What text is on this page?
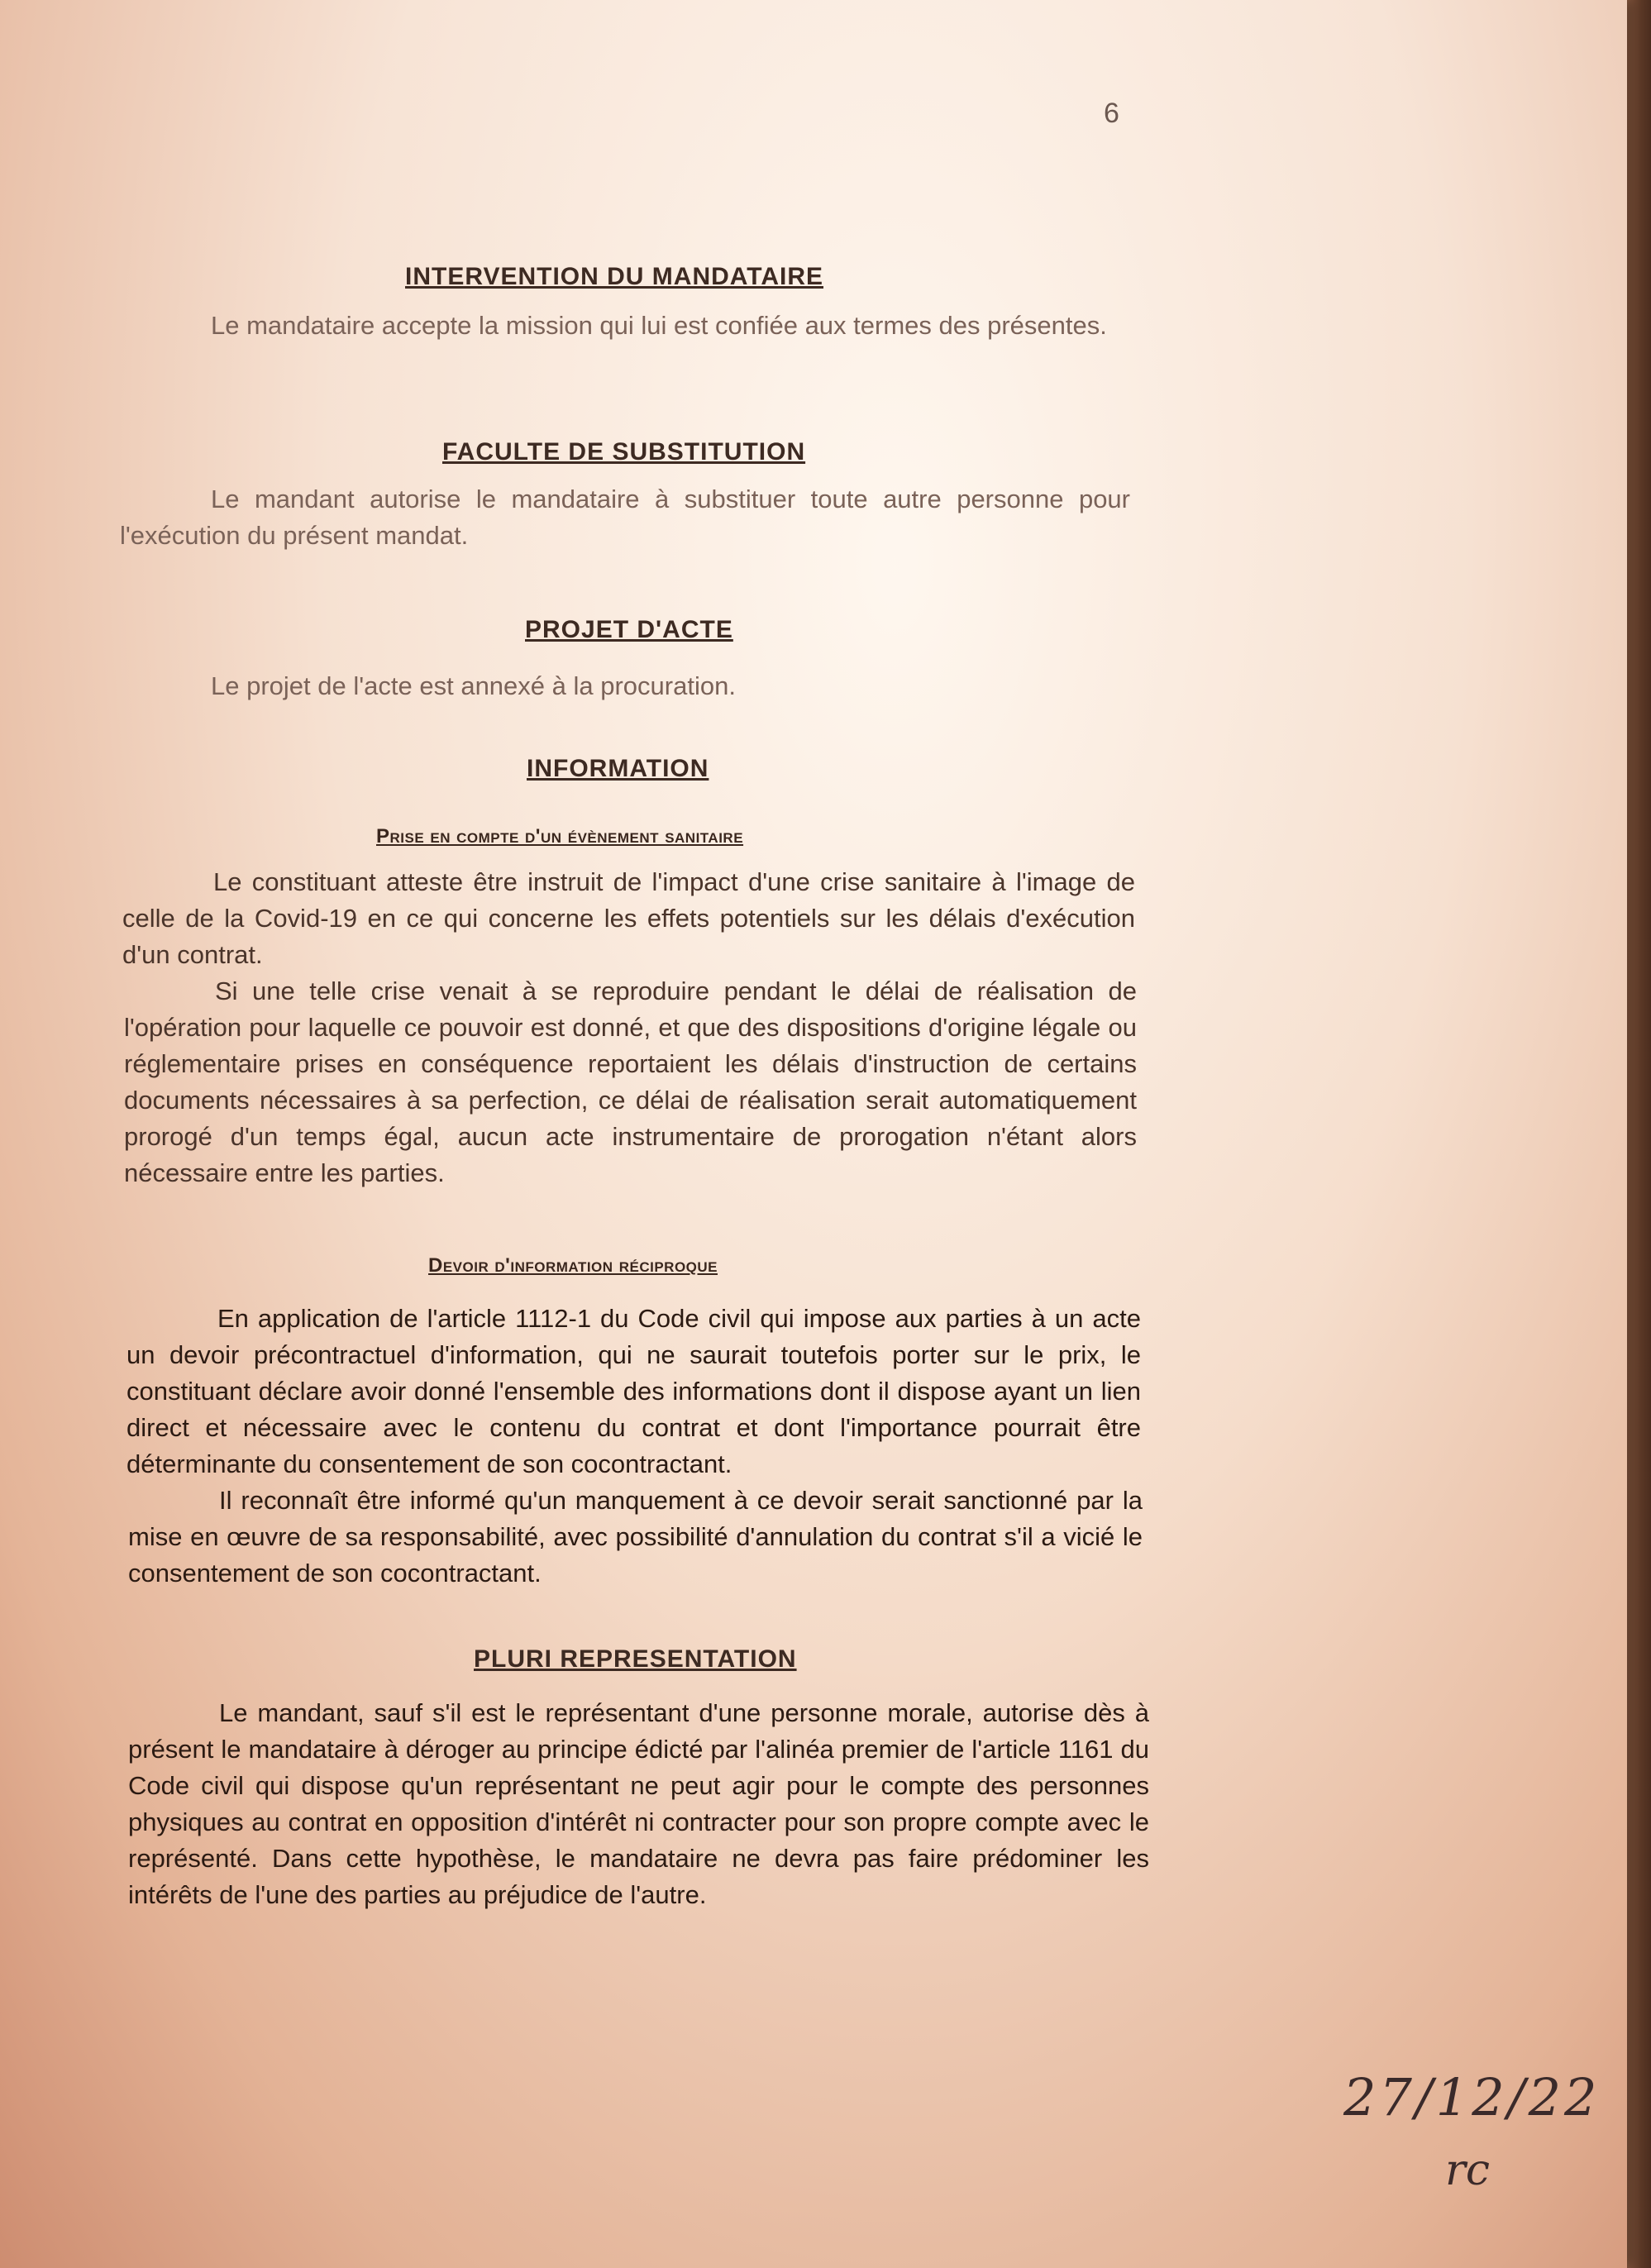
6
INTERVENTION DU MANDATAIRE
Le mandataire accepte la mission qui lui est confiée aux termes des présentes.
FACULTE DE SUBSTITUTION
Le mandant autorise le mandataire à substituer toute autre personne pour l'exécution du présent mandat.
PROJET D'ACTE
Le projet de l'acte est annexé à la procuration.
INFORMATION
Prise en compte d'un évènement sanitaire
Le constituant atteste être instruit de l'impact d'une crise sanitaire à l'image de celle de la Covid-19 en ce qui concerne les effets potentiels sur les délais d'exécution d'un contrat.
Si une telle crise venait à se reproduire pendant le délai de réalisation de l'opération pour laquelle ce pouvoir est donné, et que des dispositions d'origine légale ou réglementaire prises en conséquence reportaient les délais d'instruction de certains documents nécessaires à sa perfection, ce délai de réalisation serait automatiquement prorogé d'un temps égal, aucun acte instrumentaire de prorogation n'étant alors nécessaire entre les parties.
Devoir d'information réciproque
En application de l'article 1112-1 du Code civil qui impose aux parties à un acte un devoir précontractuel d'information, qui ne saurait toutefois porter sur le prix, le constituant déclare avoir donné l'ensemble des informations dont il dispose ayant un lien direct et nécessaire avec le contenu du contrat et dont l'importance pourrait être déterminante du consentement de son cocontractant.
Il reconnaît être informé qu'un manquement à ce devoir serait sanctionné par la mise en œuvre de sa responsabilité, avec possibilité d'annulation du contrat s'il a vicié le consentement de son cocontractant.
PLURI REPRESENTATION
Le mandant, sauf s'il est le représentant d'une personne morale, autorise dès à présent le mandataire à déroger au principe édicté par l'alinéa premier de l'article 1161 du Code civil qui dispose qu'un représentant ne peut agir pour le compte des personnes physiques au contrat en opposition d'intérêt ni contracter pour son propre compte avec le représenté. Dans cette hypothèse, le mandataire ne devra pas faire prédominer les intérêts de l'une des parties au préjudice de l'autre.
27/12/22
rc
